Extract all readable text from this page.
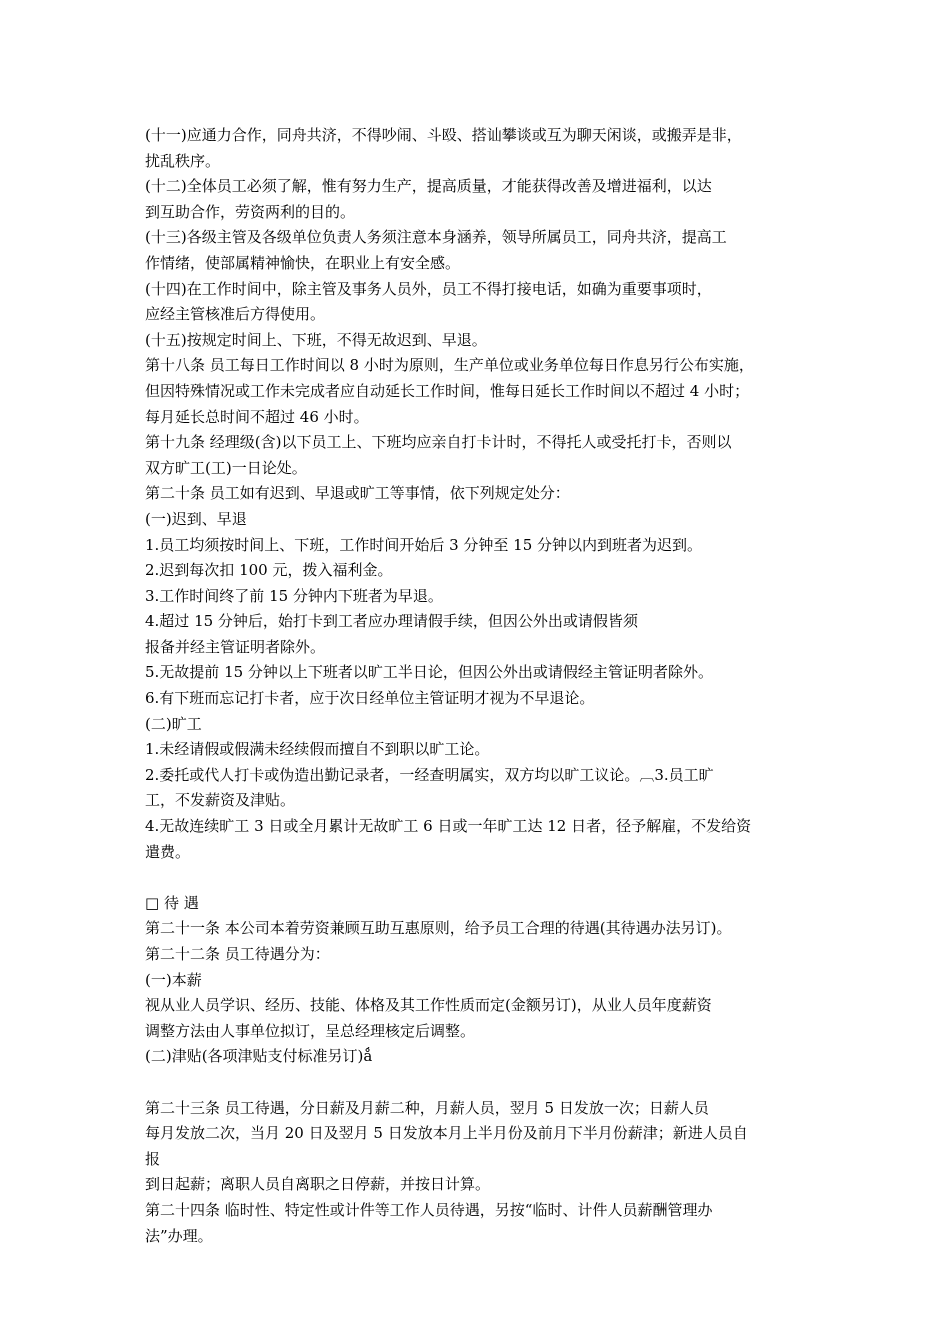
(十一)应通力合作，同舟共济，不得吵闹、斗殴、搭讪攀谈或互为聊天闲谈，或搬弄是非，
扰乱秩序。
(十二)全体员工必须了解，惟有努力生产，提高质量，才能获得改善及增进福利，以达
到互助合作，劳资两利的目的。
(十三)各级主管及各级单位负责人务须注意本身涵养，领导所属员工，同舟共济，提高工
作情绪，使部属精神愉快，在职业上有安全感。
(十四)在工作时间中，除主管及事务人员外，员工不得打接电话，如确为重要事项时，
应经主管核准后方得使用。
(十五)按规定时间上、下班，不得无故迟到、早退。
第十八条 员工每日工作时间以 8 小时为原则，生产单位或业务单位每日作息另行公布实施，
但因特殊情况或工作未完成者应自动延长工作时间，惟每日延长工作时间以不超过 4 小时；
每月延长总时间不超过 46 小时。
第十九条 经理级(含)以下员工上、下班均应亲自打卡计时，不得托人或受托打卡，否则以
双方旷工(工)一日论处。
第二十条 员工如有迟到、早退或旷工等事情，依下列规定处分：
(一)迟到、早退
1.员工均须按时间上、下班，工作时间开始后 3 分钟至 15 分钟以内到班者为迟到。
2.迟到每次扣 100 元，拨入福利金。
3.工作时间终了前 15 分钟内下班者为早退。
4.超过 15 分钟后，始打卡到工者应办理请假手续，但因公外出或请假皆须
报备并经主管证明者除外。
5.无故提前 15 分钟以上下班者以旷工半日论，但因公外出或请假经主管证明者除外。
6.有下班而忘记打卡者，应于次日经单位主管证明才视为不早退论。
(二)旷工
1.未经请假或假满未经续假而擅自不到职以旷工论。
2.委托或代人打卡或伪造出勤记录者，一经查明属实，双方均以旷工议论。︹3.员工旷
工，不发薪资及津贴。
4.无故连续旷工 3 日或全月累计无故旷工 6 日或一年旷工达 12 日者，径予解雇，不发给资
遣费。
□ 待 遇
第二十一条 本公司本着劳资兼顾互助互惠原则，给予员工合理的待遇(其待遇办法另订)。
第二十二条 员工待遇分为：
(一)本薪
视从业人员学识、经历、技能、体格及其工作性质而定(金额另订)，从业人员年度薪资
调整方法由人事单位拟订，呈总经理核定后调整。
(二)津贴(各项津贴支付标准另订)ǻ
第二十三条 员工待遇，分日薪及月薪二种，月薪人员，翌月 5 日发放一次；日薪人员
每月发放二次，当月 20 日及翌月 5 日发放本月上半月份及前月下半月份薪津；新进人员自
报
到日起薪；离职人员自离职之日停薪，并按日计算。
第二十四条 临时性、特定性或计件等工作人员待遇，另按“临时、计件人员薪酬管理办
法”办理。
